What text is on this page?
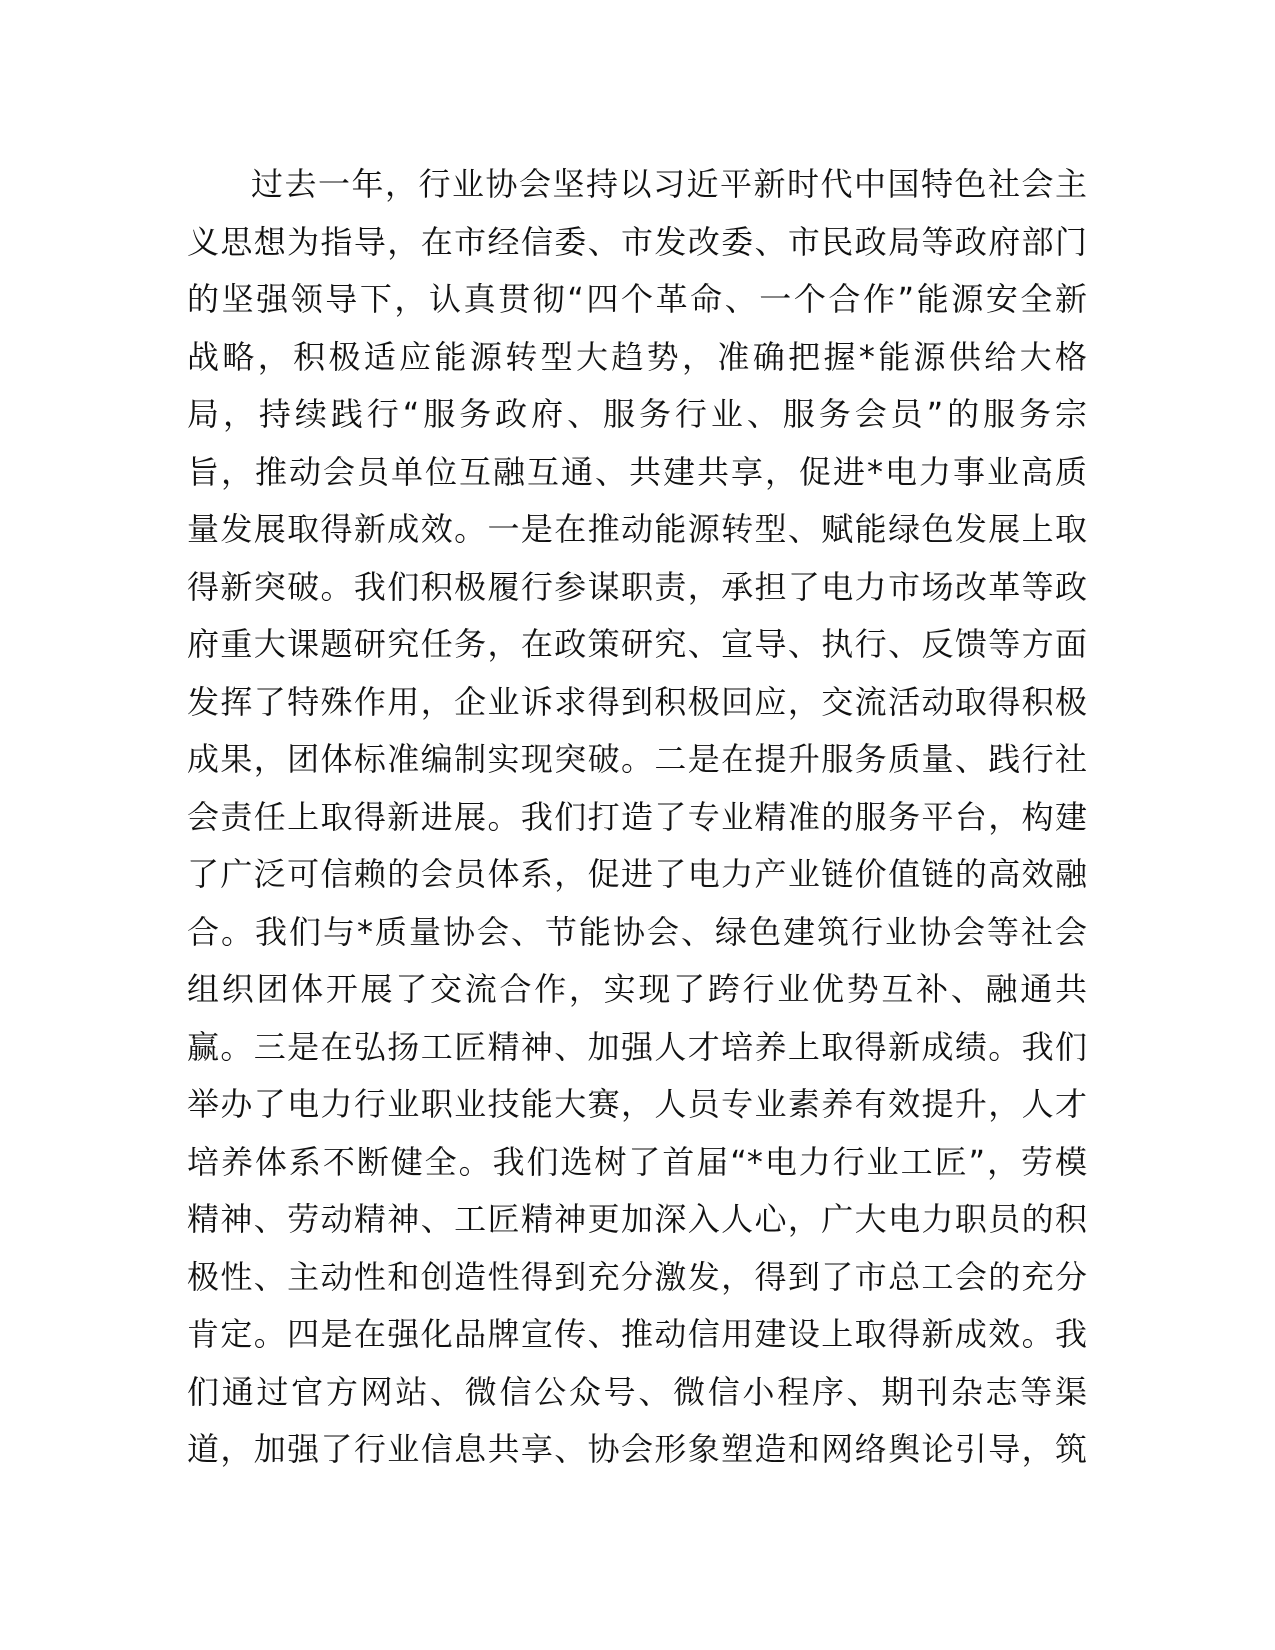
过去一年，行业协会坚持以习近平新时代中国特色社会主
义思想为指导，在市经信委、市发改委、市民政局等政府部门
的坚强领导下，认真贯彻“四个革命、一个合作”能源安全新
战略，积极适应能源转型大趋势，准确把握*能源供给大格
局，持续践行“服务政府、服务行业、服务会员”的服务宗
旨，推动会员单位互融互通、共建共享，促进*电力事业高质
量发展取得新成效。一是在推动能源转型、赋能绿色发展上取
得新突破。我们积极履行参谋职责，承担了电力市场改革等政
府重大课题研究任务，在政策研究、宣导、执行、反馈等方面
发挥了特殊作用，企业诉求得到积极回应，交流活动取得积极
成果，团体标准编制实现突破。二是在提升服务质量、践行社
会责任上取得新进展。我们打造了专业精准的服务平台，构建
了广泛可信赖的会员体系，促进了电力产业链价值链的高效融
合。我们与*质量协会、节能协会、绿色建筑行业协会等社会
组织团体开展了交流合作，实现了跨行业优势互补、融通共
赢。三是在弘扬工匠精神、加强人才培养上取得新成绩。我们
举办了电力行业职业技能大赛，人员专业素养有效提升，人才
培养体系不断健全。我们选树了首届“*电力行业工匠”，劳模
精神、劳动精神、工匠精神更加深入人心，广大电力职员的积
极性、主动性和创造性得到充分激发，得到了市总工会的充分
肯定。四是在强化品牌宣传、推动信用建设上取得新成效。我
们通过官方网站、微信公众号、微信小程序、期刊杂志等渠
道，加强了行业信息共享、协会形象塑造和网络舆论引导，筑
